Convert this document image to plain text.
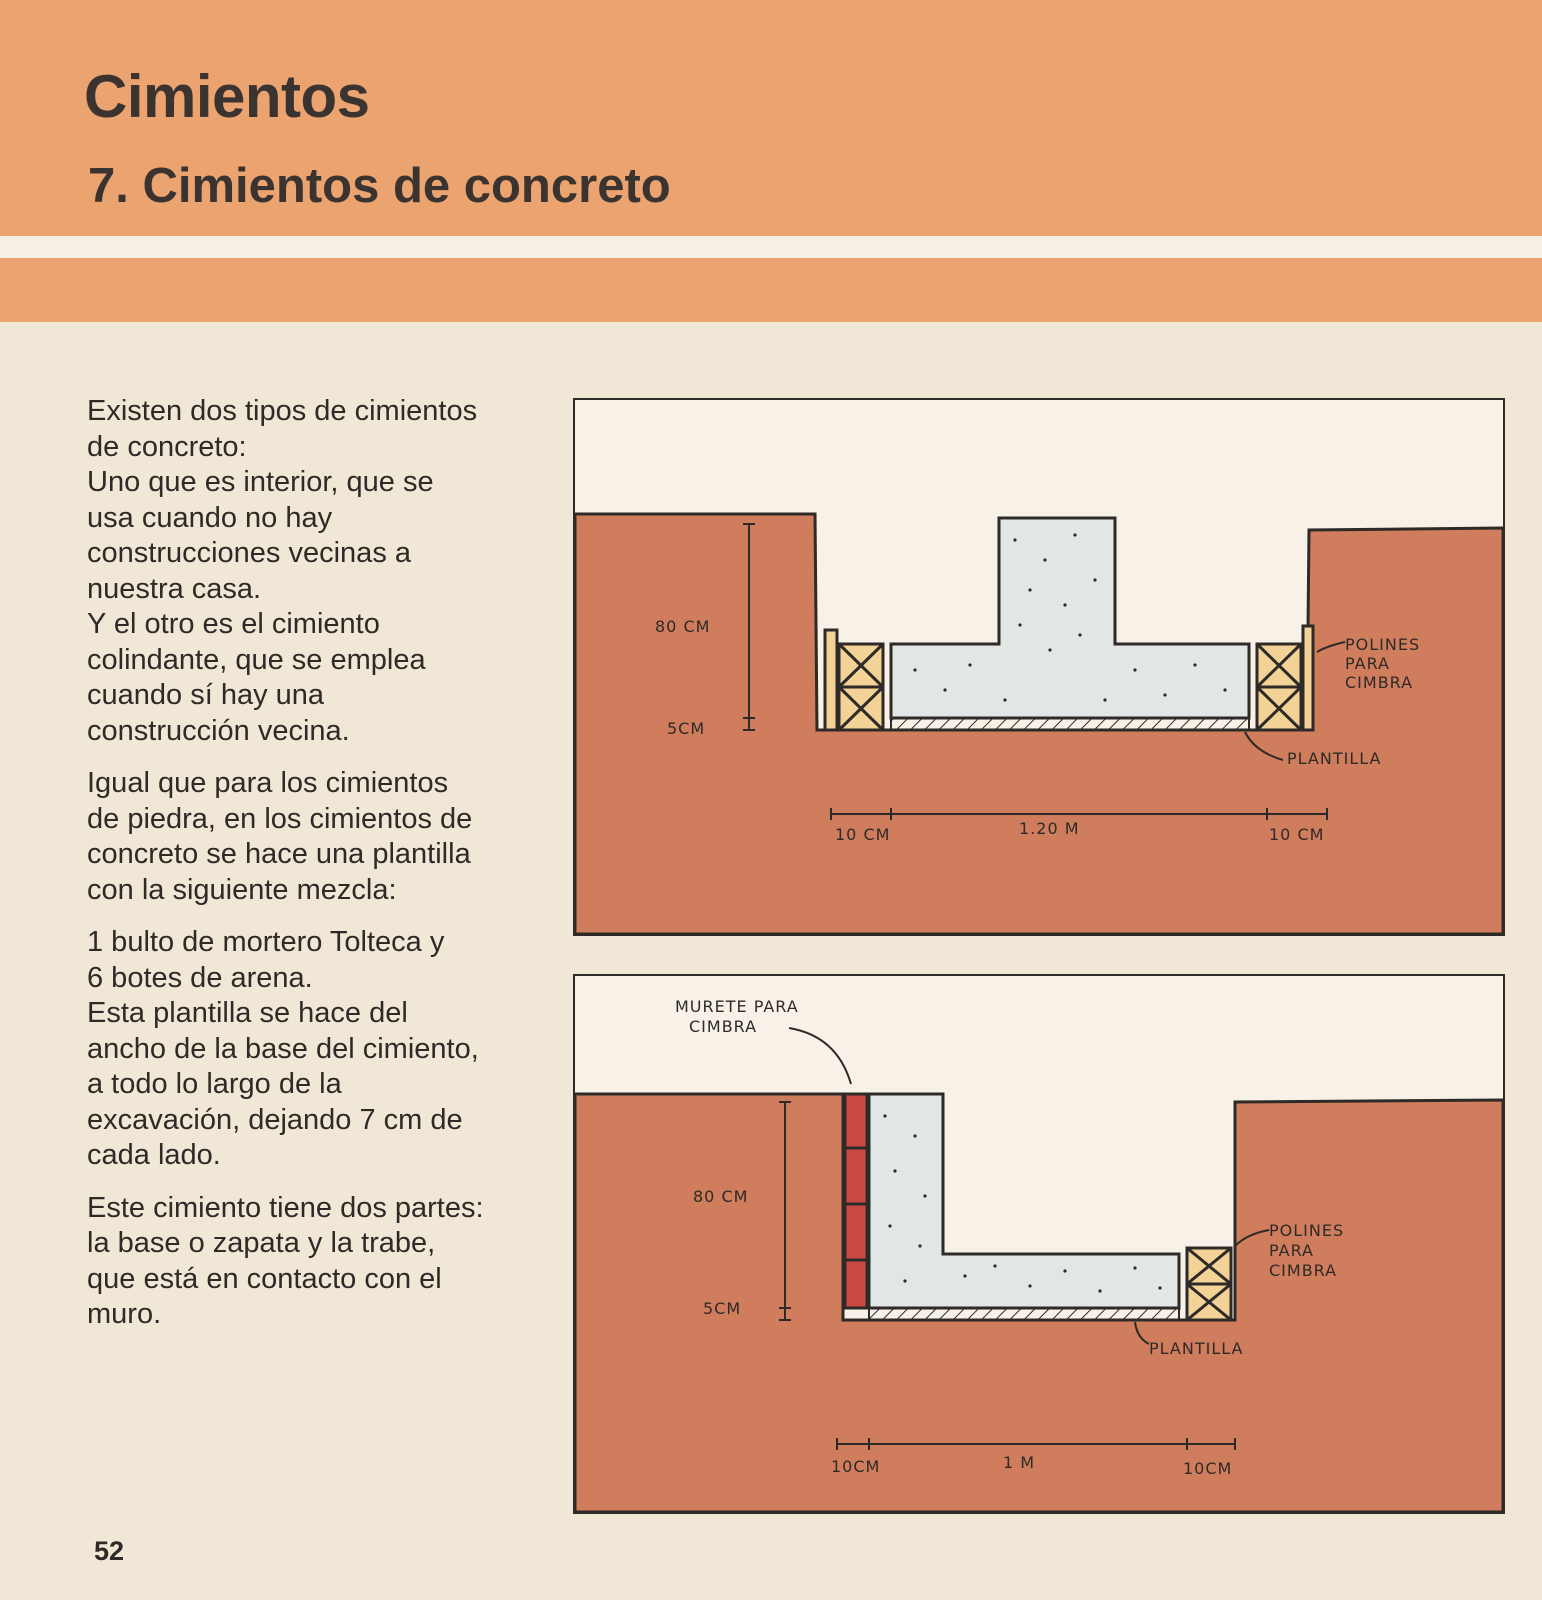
Cimientos
7. Cimientos de concreto

Existen dos tipos de cimientos
de concreto:
Uno que es interior, que se
usa cuando no hay
construcciones vecinas a
nuestra casa.
Y el otro es el cimiento
colindante, que se emplea
cuando sí hay una
construcción vecina.

Igual que para los cimientos
de piedra, en los cimientos de
concreto se hace una plantilla
con la siguiente mezcla:

1 bulto de mortero Tolteca y
6 botes de arena.
Esta plantilla se hace del
ancho de la base del cimiento,
a todo lo largo de la
excavación, dejando 7 cm de
cada lado.

Este cimiento tiene dos partes:
la base o zapata y la trabe,
que está en contacto con el
muro.

80 CM
5CM
POLINES PARA CIMBRA
PLANTILLA
10 CM	1.20 M	10 CM
80 CM
5CM
MURETE PARA CIMBRA
POLINES PARA CIMBRA
PLANTILLA
10CM	1 M	10CM
52
